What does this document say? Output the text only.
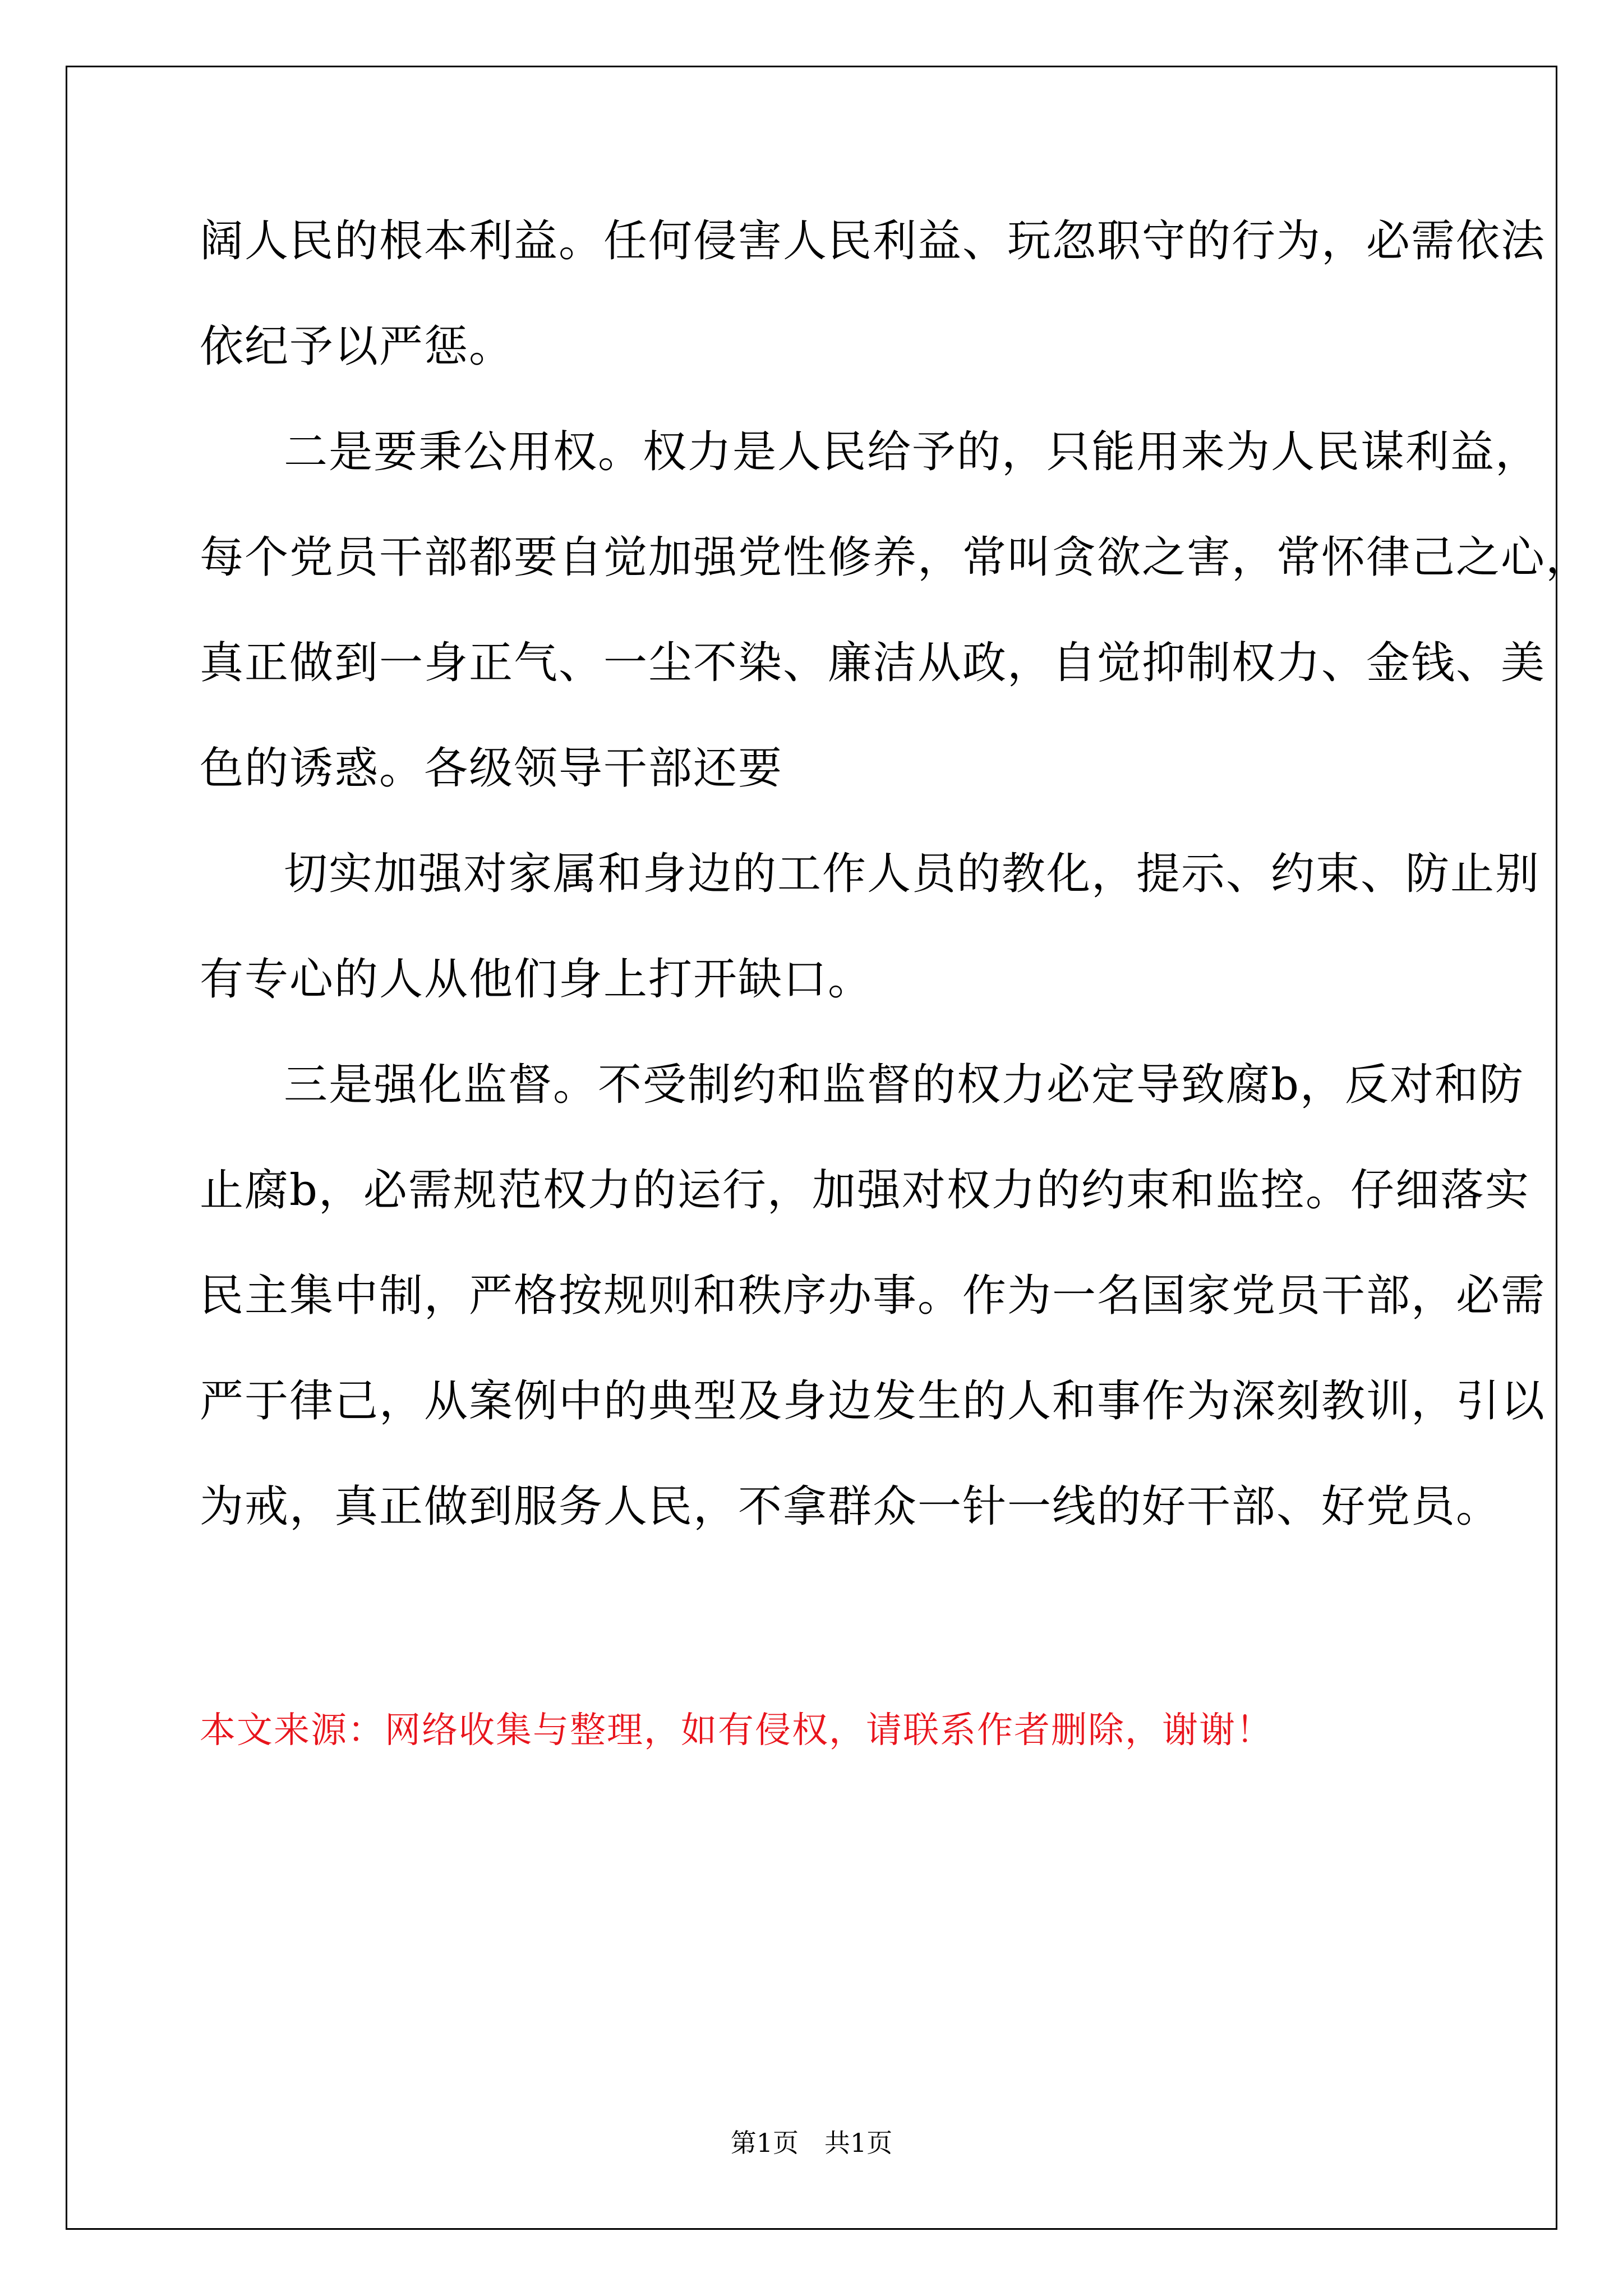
阔人民的根本利益。任何侵害人民利益、玩忽职守的行为，必需依法
依纪予以严惩。
二是要秉公用权。权力是人民给予的，只能用来为人民谋利益，
每个党员干部都要自觉加强党性修养，常叫贪欲之害，常怀律己之心，
真正做到一身正气、一尘不染、廉洁从政，自觉抑制权力、金钱、美
色的诱惑。各级领导干部还要
切实加强对家属和身边的工作人员的教化，提示、约束、防止别
有专心的人从他们身上打开缺口。
三是强化监督。不受制约和监督的权力必定导致腐b，反对和防
止腐b，必需规范权力的运行，加强对权力的约束和监控。仔细落实
民主集中制，严格按规则和秩序办事。作为一名国家党员干部，必需
严于律己，从案例中的典型及身边发生的人和事作为深刻教训，引以
为戒，真正做到服务人民，不拿群众一针一线的好干部、好党员。
本文来源：网络收集与整理，如有侵权，请联系作者删除，谢谢！
第1页　共1页
